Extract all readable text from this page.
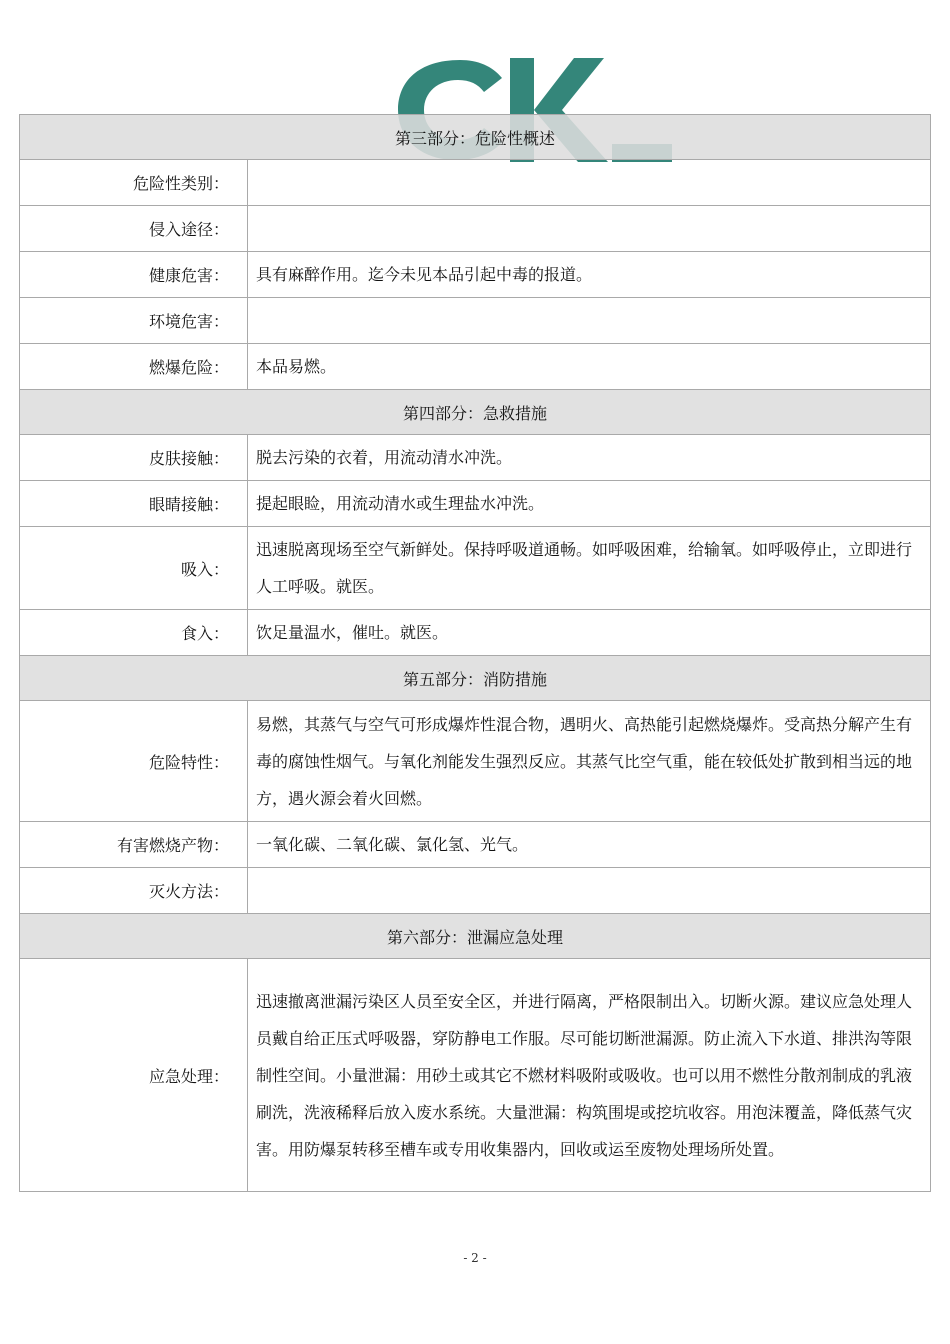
第三部分：危险性概述	
危险性类别：	
侵入途径：	
健康危害：	具有麻醉作用。迄今未见本品引起中毒的报道。
环境危害：	
燃爆危险：	本品易燃。
第四部分：急救措施	
皮肤接触：	脱去污染的衣着，用流动清水冲洗。
眼睛接触：	提起眼睑，用流动清水或生理盐水冲洗。
吸入：	迅速脱离现场至空气新鲜处。保持呼吸道通畅。如呼吸困难，给输氧。如呼吸停止，立即进行人工呼吸。就医。
食入：	饮足量温水，催吐。就医。
第五部分：消防措施	
危险特性：	易燃，其蒸气与空气可形成爆炸性混合物，遇明火、高热能引起燃烧爆炸。受高热分解产生有毒的腐蚀性烟气。与氧化剂能发生强烈反应。其蒸气比空气重，能在较低处扩散到相当远的地方，遇火源会着火回燃。
有害燃烧产物：	一氧化碳、二氧化碳、氯化氢、光气。
灭火方法：	
第六部分：泄漏应急处理	
应急处理：	迅速撤离泄漏污染区人员至安全区，并进行隔离，严格限制出入。切断火源。建议应急处理人员戴自给正压式呼吸器，穿防静电工作服。尽可能切断泄漏源。防止流入下水道、排洪沟等限制性空间。小量泄漏：用砂土或其它不燃材料吸附或吸收。也可以用不燃性分散剂制成的乳液刷洗，洗液稀释后放入废水系统。大量泄漏：构筑围堤或挖坑收容。用泡沫覆盖，降低蒸气灾害。用防爆泵转移至槽车或专用收集器内，回收或运至废物处理场所处置。
- 2 -
